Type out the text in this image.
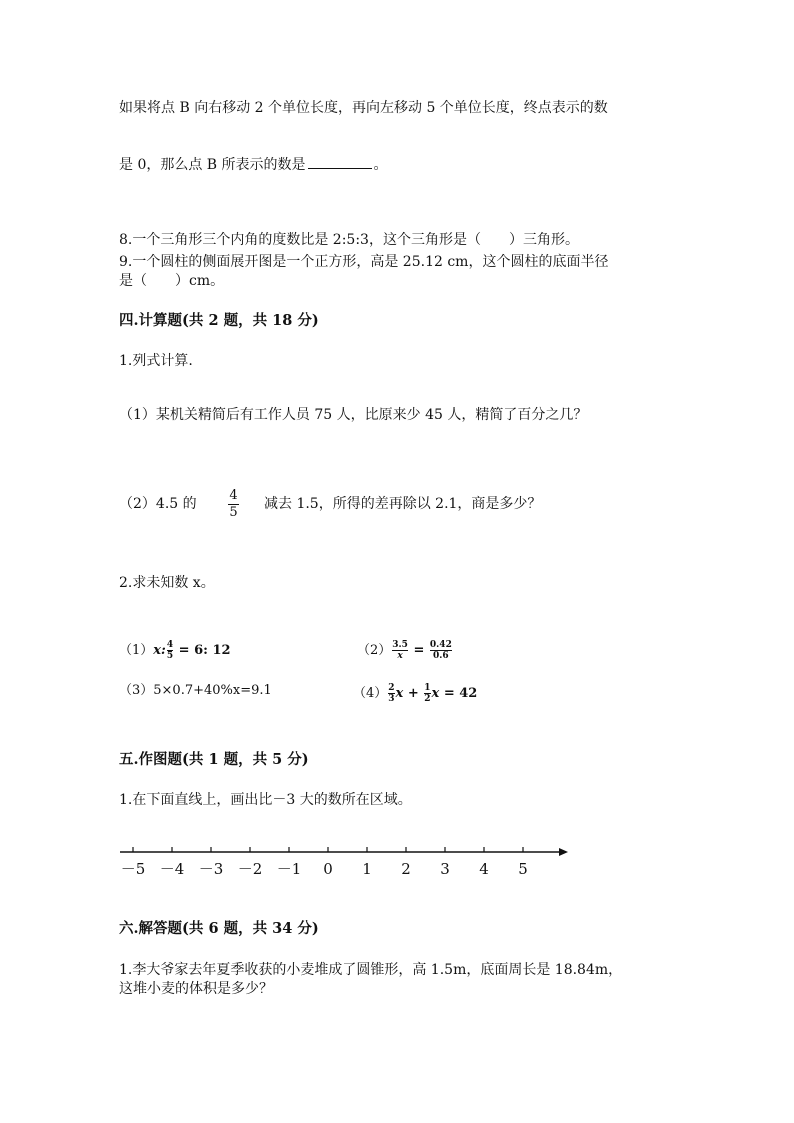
如果将点 B 向右移动 2 个单位长度，再向左移动 5 个单位长度，终点表示的数
是 0，那么点 B 所表示的数是	。
8.一个三角形三个内角的度数比是 2:5:3，这个三角形是（　　）三角形。
9.一个圆柱的侧面展开图是一个正方形，高是 25.12 cm，这个圆柱的底面半径
是（　　）cm。
四.计算题(共 2 题，共 18 分)
1.列式计算.
（1）某机关精简后有工作人员 75 人，比原来少 45 人，精简了百分之几？
（2）4.5 的
4
5
减去 1.5，所得的差再除以 2.1，商是多少？
2.求未知数 x。
（1）x: $\frac{4}{5} = 6$: 12	$(2) \frac{3.5}{x} = \frac{0.42}{0.6}$
（3）5×0.7+40%x=9.1	$(4) \frac{2}{3}$ $x + \frac{1}{2}$ x = 42
五.作图题(共 1 题，共 5 分)
1.在下面直线上，画出比－3 大的数所在区域。
－5 －4 －3 －2 －1 0 1 2 3 4 5
六.解答题(共 6 题，共 34 分)
1.李大爷家去年夏季收获的小麦堆成了圆锥形，高 1.5m，底面周长是 18.84m，
这堆小麦的体积是多少？
